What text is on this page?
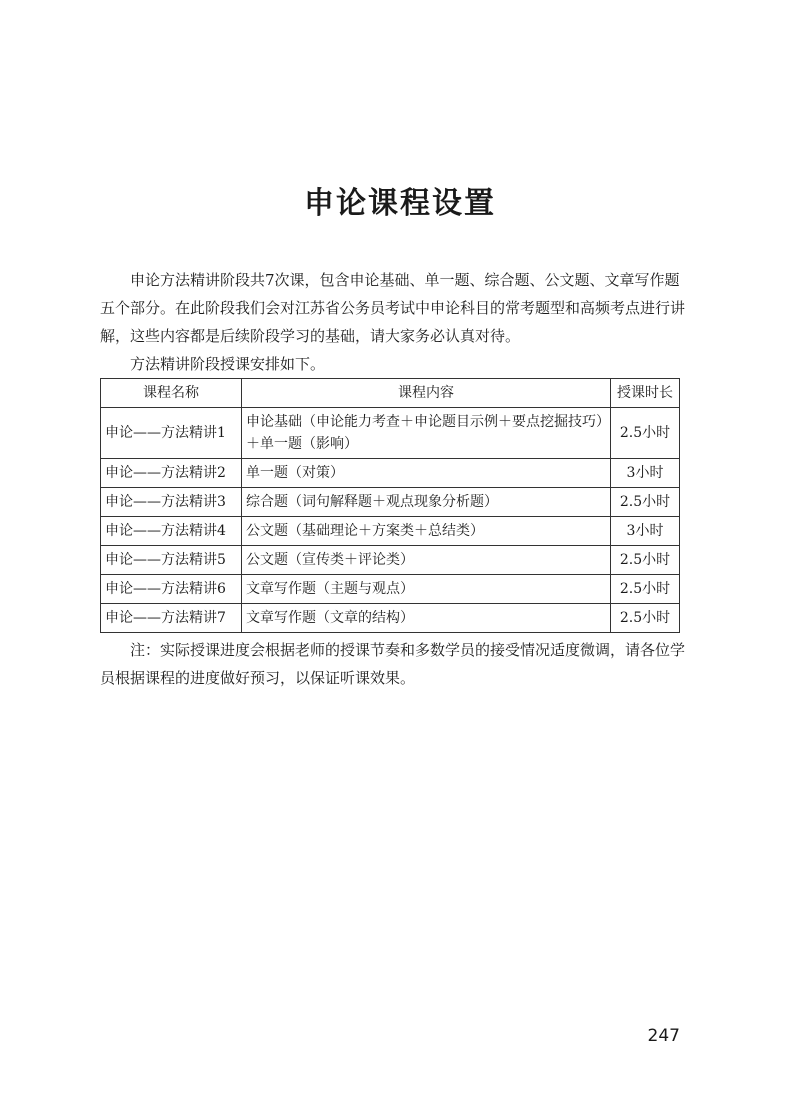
申论课程设置

申论方法精讲阶段共7次课，包含申论基础、单一题、综合题、公文题、文章写作题五个部分。在此阶段我们会对江苏省公务员考试中申论科目的常考题型和高频考点进行讲解，这些内容都是后续阶段学习的基础，请大家务必认真对待。

方法精讲阶段授课安排如下。

课程名称	课程内容	授课时长
申论——方法精讲1	申论基础（申论能力考查＋申论题目示例＋要点挖掘技巧）＋单一题（影响）	2.5小时
申论——方法精讲2	单一题（对策）	3小时
申论——方法精讲3	综合题（词句解释题＋观点现象分析题）	2.5小时
申论——方法精讲4	公文题（基础理论＋方案类＋总结类）	3小时
申论——方法精讲5	公文题（宣传类＋评论类）	2.5小时
申论——方法精讲6	文章写作题（主题与观点）	2.5小时
申论——方法精讲7	文章写作题（文章的结构）	2.5小时

注：实际授课进度会根据老师的授课节奏和多数学员的接受情况适度微调，请各位学员根据课程的进度做好预习，以保证听课效果。

247
